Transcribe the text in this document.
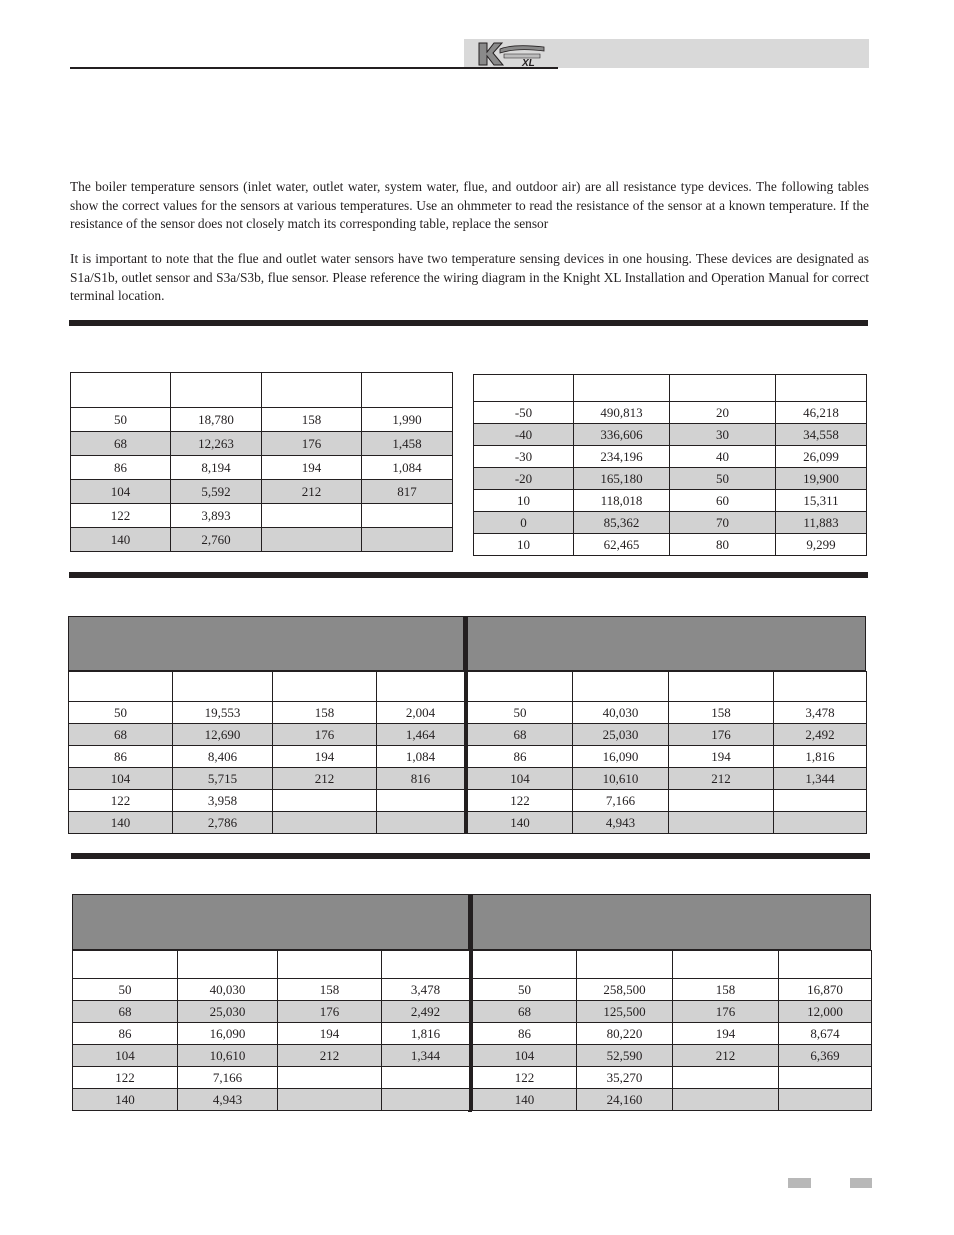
XL

The boiler temperature sensors (inlet water, outlet water, system water, flue, and outdoor air) are all resistance type devices. The following tables show the correct values for the sensors at various temperatures. Use an ohmmeter to read the resistance of the sensor at a known temperature. If the resistance of the sensor does not closely match its corresponding table, replace the sensor

It is important to note that the flue and outlet water sensors have two temperature sensing devices in one housing. These devices are designated as S1a/S1b, outlet sensor and S3a/S3b, flue sensor. Please reference the wiring diagram in the Knight XL Installation and Operation Manual for correct terminal location.

50	18,780	158	1,990
68	12,263	176	1,458
86	8,194	194	1,084
104	5,592	212	817
122	3,893		
140	2,760		

-50	490,813	20	46,218
-40	336,606	30	34,558
-30	234,196	40	26,099
-20	165,180	50	19,900
10	118,018	60	15,311
0	85,362	70	11,883
10	62,465	80	9,299

50	19,553	158	2,004
68	12,690	176	1,464
86	8,406	194	1,084
104	5,715	212	816
122	3,958		
140	2,786		

50	40,030	158	3,478
68	25,030	176	2,492
86	16,090	194	1,816
104	10,610	212	1,344
122	7,166		
140	4,943		

50	40,030	158	3,478
68	25,030	176	2,492
86	16,090	194	1,816
104	10,610	212	1,344
122	7,166		
140	4,943		

50	258,500	158	16,870
68	125,500	176	12,000
86	80,220	194	8,674
104	52,590	212	6,369
122	35,270		
140	24,160		
